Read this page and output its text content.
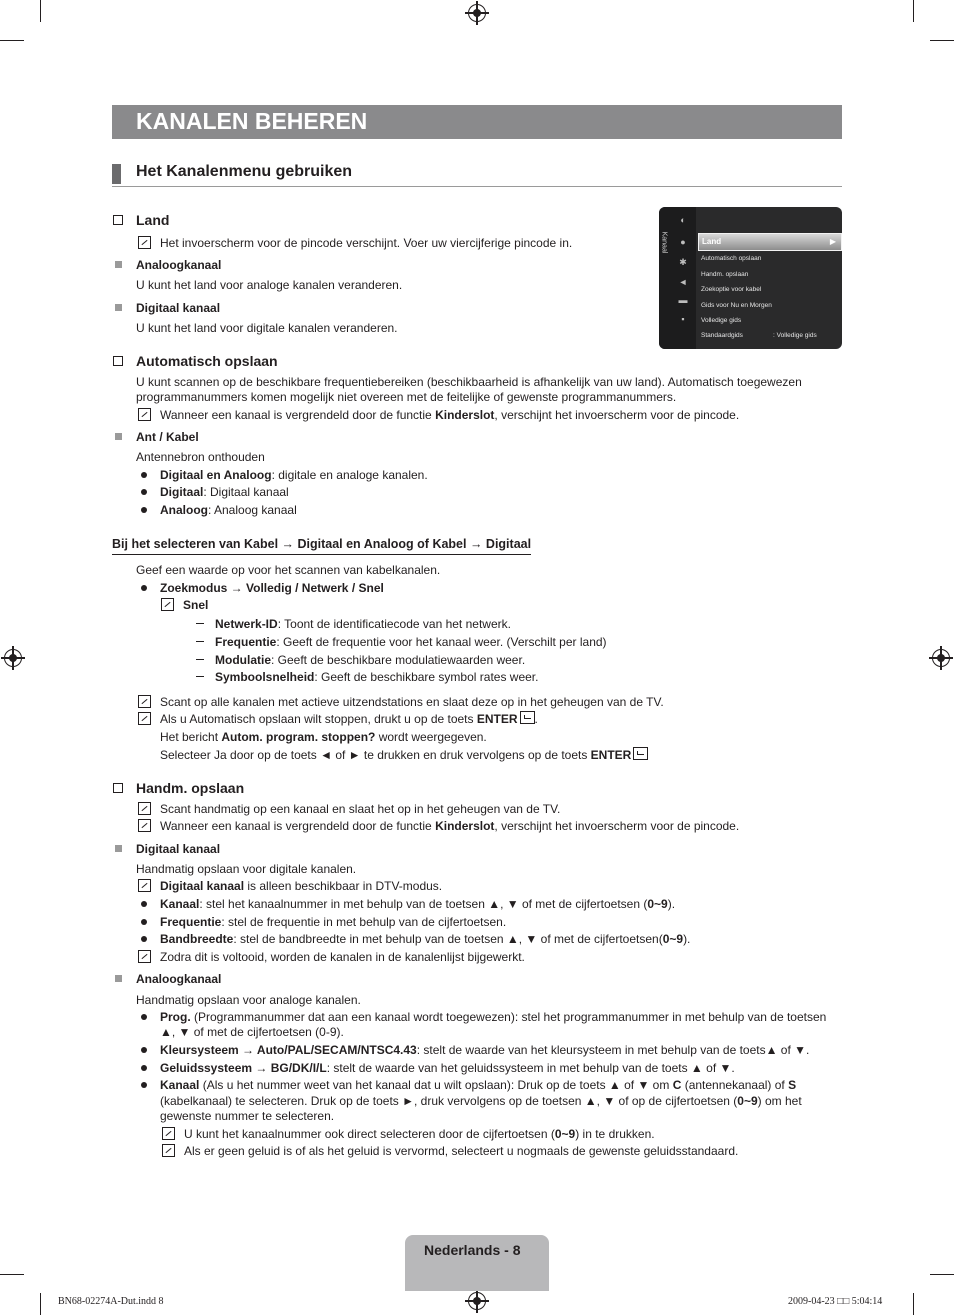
KANALEN BEHEREN
Het Kanalenmenu gebruiken
Kanaal
◐
●
✱
◄
▬
▪
Land	▶
Automatisch opslaan
Handm. opslaan
Zoekoptie voor kabel
Gids voor Nu en Morgen
Volledige gids
Standaardgids	: Volledige gids
Land
Het invoerscherm voor de pincode verschijnt. Voer uw viercijferige pincode in.
Analoogkanaal
U kunt het land voor analoge kanalen veranderen.
Digitaal kanaal
U kunt het land voor digitale kanalen veranderen.
Automatisch opslaan
U kunt scannen op de beschikbare frequentiebereiken (beschikbaarheid is afhankelijk van uw land). Automatisch toegewezen
programmanummers komen mogelijk niet overeen met de feitelijke of gewenste programmanummers.
Wanneer een kanaal is vergrendeld door de functie Kinderslot, verschijnt het invoerscherm voor de pincode.
Ant / Kabel
Antennebron onthouden
Digitaal en Analoog: digitale en analoge kanalen.
Digitaal: Digitaal kanaal
Analoog: Analoog kanaal
Bij het selecteren van Kabel → Digitaal en Analoog of Kabel → Digitaal
Geef een waarde op voor het scannen van kabelkanalen.
Zoekmodus → Volledig / Netwerk / Snel
Snel
Netwerk-ID: Toont de identificatiecode van het netwerk.
Frequentie: Geeft de frequentie voor het kanaal weer. (Verschilt per land)
Modulatie: Geeft de beschikbare modulatiewaarden weer.
Symboolsnelheid: Geeft de beschikbare symbol rates weer.
Scant op alle kanalen met actieve uitzendstations en slaat deze op in het geheugen van de TV.
Als u Automatisch opslaan wilt stoppen, drukt u op de toets ENTER .
Het bericht Autom. program. stoppen? wordt weergegeven.
Selecteer Ja door op de toets ◄ of ► te drukken en druk vervolgens op de toets ENTER
Handm. opslaan
Scant handmatig op een kanaal en slaat het op in het geheugen van de TV.
Wanneer een kanaal is vergrendeld door de functie Kinderslot, verschijnt het invoerscherm voor de pincode.
Digitaal kanaal
Handmatig opslaan voor digitale kanalen.
Digitaal kanaal is alleen beschikbaar in DTV-modus.
Kanaal: stel het kanaalnummer in met behulp van de toetsen ▲, ▼ of met de cijfertoetsen (0~9).
Frequentie: stel de frequentie in met behulp van de cijfertoetsen.
Bandbreedte: stel de bandbreedte in met behulp van de toetsen ▲, ▼ of met de cijfertoetsen(0~9).
Zodra dit is voltooid, worden de kanalen in de kanalenlijst bijgewerkt.
Analoogkanaal
Handmatig opslaan voor analoge kanalen.
Prog. (Programmanummer dat aan een kanaal wordt toegewezen): stel het programmanummer in met behulp van de toetsen
▲, ▼ of met de cijfertoetsen (0-9).
Kleursysteem → Auto/PAL/SECAM/NTSC4.43: stelt de waarde van het kleursysteem in met behulp van de toets▲ of ▼.
Geluidssysteem → BG/DK/I/L: stelt de waarde van het geluidssysteem in met behulp van de toets ▲ of ▼.
Kanaal (Als u het nummer weet van het kanaal dat u wilt opslaan): Druk op de toets ▲ of ▼ om C (antennekanaal) of S
(kabelkanaal) te selecteren. Druk op de toets ►, druk vervolgens op de toetsen ▲, ▼ of op de cijfertoetsen (0~9) om het
gewenste nummer te selecteren.
U kunt het kanaalnummer ook direct selecteren door de cijfertoetsen (0~9) in te drukken.
Als er geen geluid is of als het geluid is vervormd, selecteert u nogmaals de gewenste geluidsstandaard.
Nederlands - 8
BN68-02274A-Dut.indd 8	2009-04-23 □□ 5:04:14
